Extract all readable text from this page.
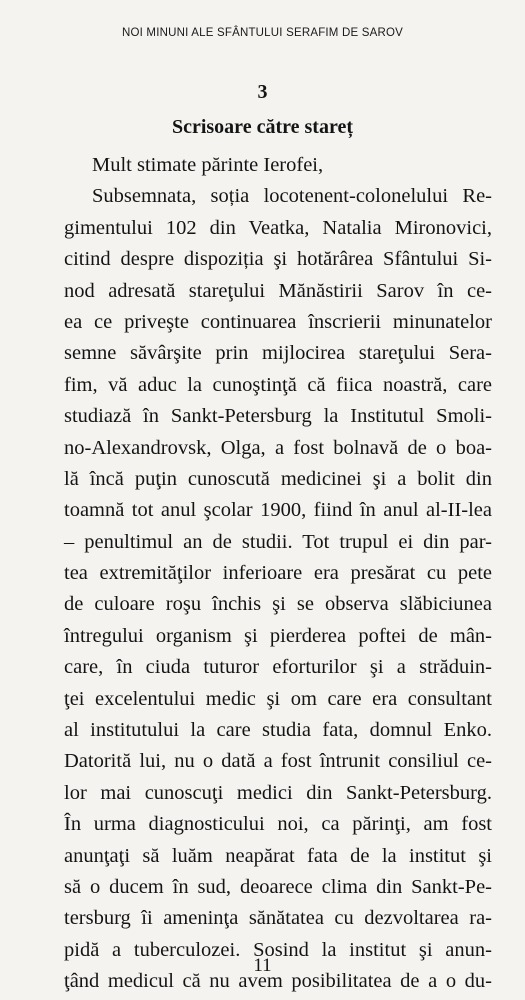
NOI MINUNI ALE SFÂNTULUI SERAFIM DE SAROV
3
Scrisoare către stareț
Mult stimate părinte Ierofei,
Subsemnata, soția locotenent-colonelului Re-
gimentului 102 din Veatka, Natalia Mironovici,
citind despre dispoziția şi hotărârea Sfântului Si-
nod adresată stareţului Mănăstirii Sarov în ce-
ea ce priveşte continuarea înscrierii minunatelor
semne săvârşite prin mijlocirea stareţului Sera-
fim, vă aduc la cunoştinţă că fiica noastră, care
studiază în Sankt-Petersburg la Institutul Smoli-
no-Alexandrovsk, Olga, a fost bolnavă de o boa-
lă încă puţin cunoscută medicinei şi a bolit din
toamnă tot anul şcolar 1900, fiind în anul al-II-lea
– penultimul an de studii. Tot trupul ei din par-
tea extremităţilor inferioare era presărat cu pete
de culoare roşu închis şi se observa slăbiciunea
întregului organism şi pierderea poftei de mân-
care, în ciuda tuturor eforturilor şi a străduin-
ţei excelentului medic şi om care era consultant
al institutului la care studia fata, domnul Enko.
Datorită lui, nu o dată a fost întrunit consiliul ce-
lor mai cunoscuţi medici din Sankt-Petersburg.
În urma diagnosticului noi, ca părinţi, am fost
anunţaţi să luăm neapărat fata de la institut şi
să o ducem în sud, deoarece clima din Sankt-Pe-
tersburg îi ameninţa sănătatea cu dezvoltarea ra-
pidă a tuberculozei. Sosind la institut şi anun-
ţând medicul că nu avem posibilitatea de a o du-
11
